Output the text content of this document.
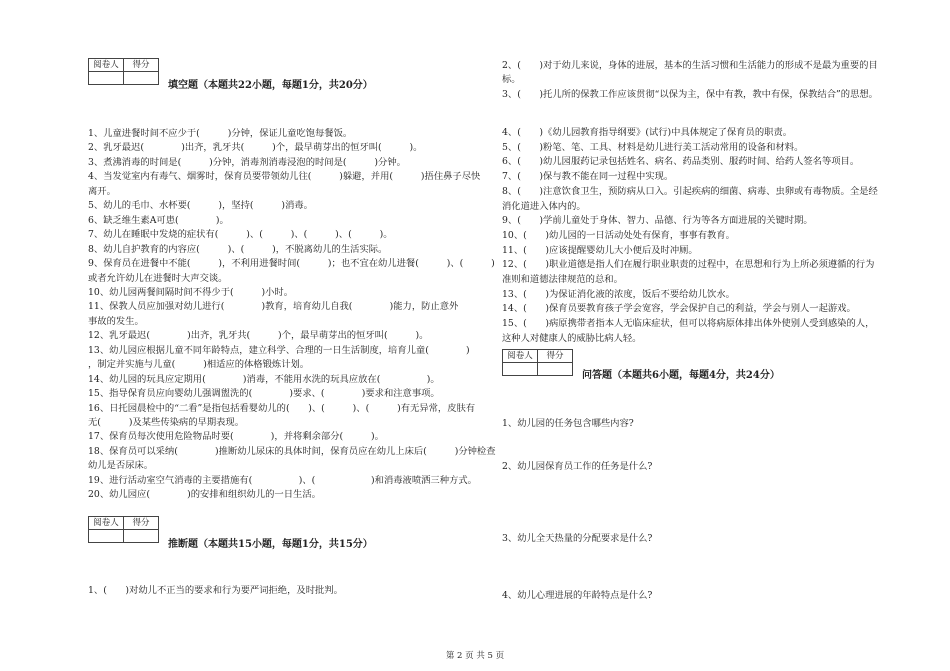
阅卷人	得分

填空题（本题共22小题，每题1分，共20分）
1、儿童进餐时间不应少于(　　　)分钟，保证儿童吃饱每餐饭。
2、乳牙最迟(　　　　)出齐，乳牙共(　　　)个，最早萌芽出的恒牙叫(　　　)。
3、煮沸消毒的时间是(　　　)分钟，消毒剂消毒浸泡的时间是(　　　)分钟。
4、当发觉室内有毒气、烟雾时，保育员要带领幼儿往(　　　)躲避，并用(　　　)捂住鼻子尽快
离开。
5、幼儿的毛巾、水杯要(　　　)，坚持(　　　)消毒。
6、缺乏维生素A可患(　　　　)。
7、幼儿在睡眠中发烧的症状有(　　　)、(　　　)、(　　　)、(　　　)。
8、幼儿自护教育的内容应(　　　)、(　　　)，不脱离幼儿的生活实际。
9、保育员在进餐中不能(　　　)，不利用进餐时间(　　　)；也不宜在幼儿进餐(　　　)、(　　　)
或者允许幼儿在进餐时大声交谈。
10、幼儿园两餐间隔时间不得少于(　　　)小时。
11、保教人员应加强对幼儿进行(　　　　)教育，培育幼儿自我(　　　　)能力，防止意外
事故的发生。
12、乳牙最迟(　　　　)出齐，乳牙共(　　　)个，最早萌芽出的恒牙叫(　　　)。
13、幼儿园应根据儿童不同年龄特点，建立科学、合理的一日生活制度，培育儿童(　　　　)
，制定并实施与儿童(　　　)相适应的体格锻炼计划。
14、幼儿园的玩具应定期用(　　　　)消毒，不能用水洗的玩具应放在(　　　　　)。
15、指导保育员应向婴幼儿强调盥洗的(　　　　)要求、(　　　　)要求和注意事项。
16、日托园晨检中的“二看”是指包括看婴幼儿的(　　)、(　　　)、(　　　)有无异常，皮肤有
无(　　　)及某些传染病的早期表现。
17、保育员每次使用危险物品时要(　　　　)，并将剩余部分(　　　)。
18、保育员可以采纳(　　　　)推断幼儿尿床的具体时间，保育员应在幼儿上床后(　　　)分钟检查
幼儿是否尿床。
19、进行活动室空气消毒的主要措施有(　　　　　)、(　　　　　　)和消毒液喷洒三种方式。
20、幼儿园应(　　　　)的安排和组织幼儿的一日生活。
阅卷人	得分

推断题（本题共15小题，每题1分，共15分）
1、(　　)对幼儿不正当的要求和行为要严词拒绝，及时批判。
2、(　　)对于幼儿来说，身体的进展，基本的生活习惯和生活能力的形成不是最为重要的目
标。
3、(　　)托儿所的保教工作应该贯彻“以保为主，保中有教，教中有保，保教结合”的思想。
4、(　　)《幼儿园教育指导纲要》(试行)中具体规定了保育员的职责。
5、(　　)粉笔、笔、工具、材料是幼儿进行美工活动常用的设备和材料。
6、(　　)幼儿园服药记录包括姓名、病名、药品类别、服药时间、给药人签名等项目。
7、(　　)保与教不能在同一过程中实现。
8、(　　)注意饮食卫生，预防病从口入。引起疾病的细菌、病毒、虫卵或有毒物质。全是经
消化道进入体内的。
9、(　　)学前儿童处于身体、智力、品德、行为等各方面进展的关键时期。
10、(　　)幼儿园的一日活动处处有保育，事事有教育。
11、(　　)应该提醒婴幼儿大小便后及时冲厕。
12、(　　)职业道德是指人们在履行职业职责的过程中，在思想和行为上所必须遵循的行为
准则和道德法律规范的总和。
13、(　　)为保证消化液的浓度，饭后不要给幼儿饮水。
14、(　　)保育员要教育孩子学会宽容，学会保护自己的利益，学会与别人一起游戏。
15、(　　)病原携带者指本人无临床症状，但可以将病原体排出体外使别人受到感染的人，
这种人对健康人的威胁比病人轻。
阅卷人	得分

问答题（本题共6小题，每题4分，共24分）
1、幼儿园的任务包含哪些内容?
2、幼儿园保育员工作的任务是什么?
3、幼儿全天热量的分配要求是什么?
4、幼儿心理进展的年龄特点是什么?
第 2 页 共 5 页
